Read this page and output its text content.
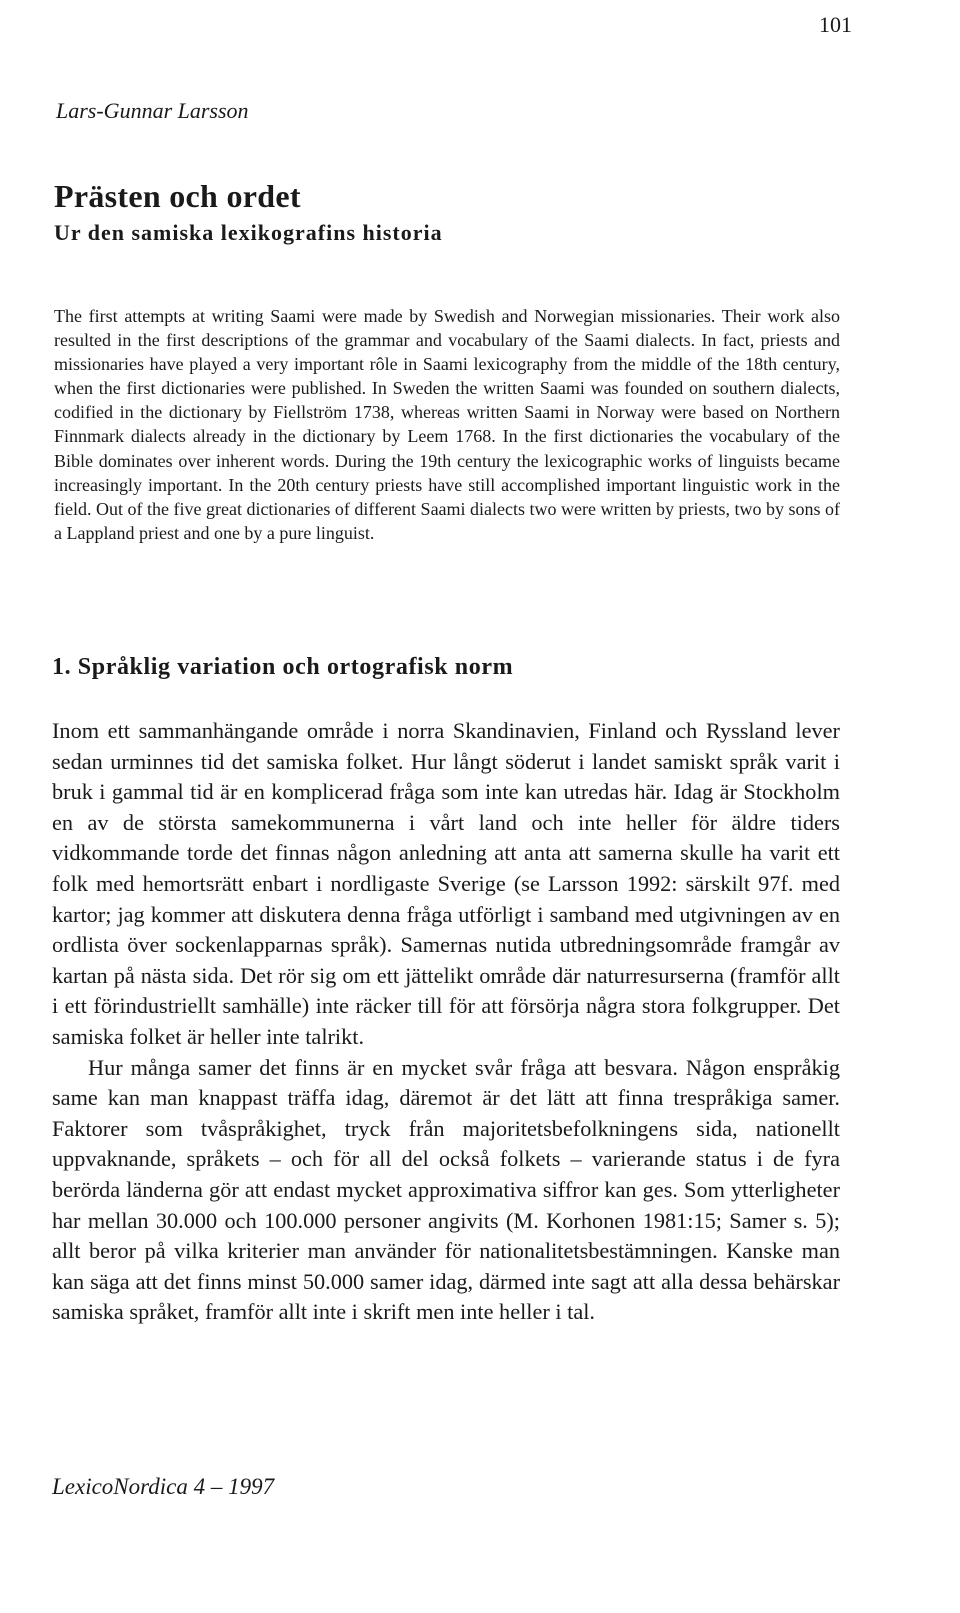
101
Lars-Gunnar Larsson
Prästen och ordet
Ur den samiska lexikografins historia

The first attempts at writing Saami were made by Swedish and Norwegian missionaries. Their work also resulted in the first descriptions of the grammar and vocabulary of the Saami dialects. In fact, priests and missionaries have played a very important rôle in Saami lexicography from the middle of the 18th century, when the first dictionaries were published. In Sweden the written Saami was founded on southern dialects, codified in the dictionary by Fiellström 1738, whereas written Saami in Norway were based on Northern Finnmark dialects already in the dictionary by Leem 1768. In the first dictionaries the vocabulary of the Bible dominates over inherent words. During the 19th century the lexicographic works of linguists became increasingly important. In the 20th century priests have still accomplished important linguistic work in the field. Out of the five great dictionaries of different Saami dialects two were written by priests, two by sons of a Lappland priest and one by a pure linguist.

1. Språklig variation och ortografisk norm

Inom ett sammanhängande område i norra Skandinavien, Finland och Ryssland lever sedan urminnes tid det samiska folket. Hur långt söderut i landet samiskt språk varit i bruk i gammal tid är en komplicerad fråga som inte kan utredas här. Idag är Stockholm en av de största samekommunerna i vårt land och inte heller för äldre tiders vidkommande torde det finnas någon anledning att anta att samerna skulle ha varit ett folk med hemortsrätt enbart i nordligaste Sverige (se Larsson 1992: särskilt 97f. med kartor; jag kommer att diskutera denna fråga utförligt i samband med utgivningen av en ordlista över sockenlapparnas språk). Samernas nutida utbredningsområde framgår av kartan på nästa sida. Det rör sig om ett jättelikt område där naturresurserna (framför allt i ett förindustriellt samhälle) inte räcker till för att försörja några stora folkgrupper. Det samiska folket är heller inte talrikt.

Hur många samer det finns är en mycket svår fråga att besvara. Någon enspråkig same kan man knappast träffa idag, däremot är det lätt att finna trespråkiga samer. Faktorer som tvåspråkighet, tryck från majoritetsbefolkningens sida, nationellt uppvaknande, språkets – och för all del också folkets – varierande status i de fyra berörda länderna gör att endast mycket approximativa siffror kan ges. Som ytterligheter har mellan 30.000 och 100.000 personer angivits (M. Korhonen 1981:15; Samer s. 5); allt beror på vilka kriterier man använder för nationalitetsbestämningen. Kanske man kan säga att det finns minst 50.000 samer idag, därmed inte sagt att alla dessa behärskar samiska språket, framför allt inte i skrift men inte heller i tal.

LexicoNordica 4 – 1997
